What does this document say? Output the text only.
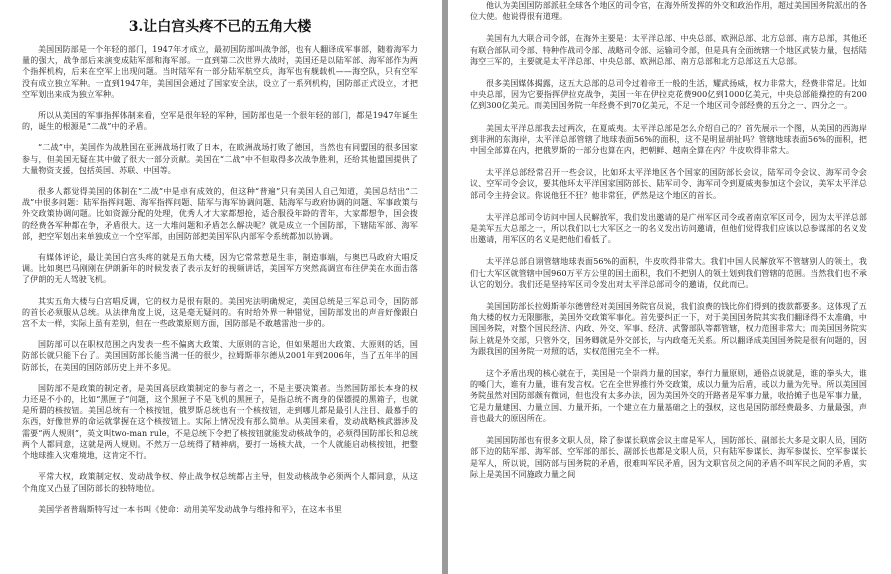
3.让白宫头疼不已的五角大楼

美国国防部是一个年轻的部门，1947年才成立，最初国防部叫战争部，也有人翻译成军事部，随着海军力量的强大，战争部后来演变成陆军部和海军部。一直到第二次世界大战时，美国还是以陆军部、海军部作为两个指挥机构，后来在空军上出现问题。当时陆军有一部分陆军航空兵，海军也有舰载机——海空队，只有空军没有成立独立军种。一直到1947年，美国国会通过了国家安全法，设立了一系列机构，国防部正式设立，才把空军划出来成为独立军种。

所以从美国的军事指挥体制来看，空军是很年轻的军种，国防部也是一个很年轻的部门，都是1947年诞生的，诞生的根源是“二战”中的矛盾。

“二战”中，美国作为战胜国在亚洲战场打败了日本，在欧洲战场打败了德国，当然也有同盟国的很多国家参与，但美国无疑在其中做了很大一部分贡献。美国在“二战”中不但取得多次战争胜利，还给其他盟国提供了大量物资支援，包括英国、苏联、中国等。

很多人都觉得美国的体制在“二战”中是卓有成效的，但这种“普遍”只有美国人自己知道，美国总结出“二战”中很多问题：陆军指挥问题、海军指挥问题、陆军与海军协调问题、陆海军与政府协调的问题、军事政策与外交政策协调问题。比如资源分配的处理，优秀人才大家都想抢，适合服役年龄的青年，大家都想争，国会拨的经费各军种都在争，矛盾很大。这一大堆问题和矛盾怎么解决呢？就是成立一个国防部，下辖陆军部、海军部，把空军划出来单独成立一个空军部，由国防部把美国军队内部军令系统都加以协调。

有媒体评论，最让美国白宫头疼的就是五角大楼，因为它常常惹是生非，制造事端，与奥巴马政府大唱反调。比如奥巴马刚刚在伊朗新年的时候发表了表示友好的视频讲话，美国军方突然高调宣布往伊美在水面击落了伊朗的无人驾驶飞机。

其实五角大楼与白宫唱反调，它的权力是很有限的。美国宪法明确规定，美国总统是三军总司令，国防部的首长必须服从总统。从法律角度上说，这是毫无疑问的。有时给外界一种错觉，国防部发出的声音好像跟白宫不太一样，实际上虽有差别，但在一些政策原则方面，国防部是不敢越雷池一步的。

国防部可以在职权范围之内发表一些不偏离大政策、大原则的言论，但如果超出大政策、大原则的话，国防部长就只能下台了。美国国防部长能当满一任的很少，拉姆斯菲尔德从2001年到2006年，当了五年半的国防部长，在美国的国防部历史上并不多见。

国防部不是政策的制定者，是美国高层政策制定的参与者之一，不是主要决策者。当然国防部长本身的权力还是不小的，比如“黑匣子”问题，这个黑匣子不是飞机的黑匣子，是指总统不离身的保镖提的黑箱子，也就是所谓的核按钮。美国总统有一个核按钮，俄罗斯总统也有一个核按钮，走到哪儿都是最引人注目、最慕手的东西，好像世界的命运就掌握在这个核按钮上。实际上情况没有那么简单。从美国来看，发动战略核武器涉及需要“两人规则”，英文叫two-man rule，不是总统下令把了核按钮就能发动核战争的，必须得国防部长和总统两个人都同意，这就是两人规则。不然万一总统得了精神病，要打一场核大战，一个人就能启动核按钮，把整个地球推入灾难境地，这肯定不行。

平常大权，政策制定权、发动战争权、停止战争权总统都占主导，但发动核战争必须两个人都同意，从这个角度又凸显了国防部长的独特地位。

美国学者普瑞斯特写过一本书叫《使命：动用美军发动战争与维持和平》，在这本书里

他认为美国国防部派驻全球各个地区的司令官，在海外所发挥的外交和政治作用，超过美国国务院派出的各位大使。他说得很有道理。

美国有九大联合司令部，在海外主要是：太平洋总部、中央总部、欧洲总部、北方总部、南方总部，其他还有联合部队司令部、特种作战司令部、战略司令部、运输司令部，但是具有全面统辖一个地区武装力量，包括陆海空三军的，主要就是太平洋总部、中央总部、欧洲总部、南方总部和北方总部这五大总部。

很多美国媒体揭露，这五大总部的总司令过着帝王一般的生活，耀武扬威，权力非常大，经费非常足。比如中央总部，因为它要指挥伊拉克战争，美国一年在伊拉克花费900亿到1000亿美元，中央总部能操控的有200亿到300亿美元。而美国国务院一年经费不到70亿美元，不足一个地区司令部经费的五分之一、四分之一。

美国太平洋总部我去过两次，在夏威夷。太平洋总部是怎么介绍自己的？首先展示一个图，从美国的西海岸到非洲的东海岸，太平洋总部管辖了地球表面56%的面积，这不是明显胡扯吗？管辖地球表面56%的面积，把中国全部算在内，把俄罗斯的一部分也算在内，把朝鲜、越南全算在内？牛皮吹得非常大。

太平洋总部经常召开一些会议，比如环太平洋地区各个国家的国防部长会议，陆军司令会议、海军司令会议、空军司令会议，要其他环太平洋国家国防部长、陆军司令、海军司令到夏威夷参加这个会议，美军太平洋总部司令主持会议。你说他狂不狂？他非常狂，俨然是这个地区的首长。

太平洋总部司令访问中国人民解放军，我们发出邀请的是广州军区司令或者南京军区司令，因为太平洋总部是美军五大总部之一，所以我们以七大军区之一的名义发出访问邀请，但他们觉得我们应该以总参谋部的名义发出邀请，用军区的名义是把他们看低了。

太平洋总部自诩管辖地球表面56%的面积，牛皮吹得非常大。我们中国人民解放军不管辖别人的领土，我们七大军区就管辖中国960万平方公里的国土面积，我们不把别人的领土划到我们管辖的范围。当然我们也不承认它的划分。我们还是坚持军区司令发出对太平洋总部司令的邀请，仅此而已。

美国国防部长拉姆斯菲尔德曾经对美国国务院官员说，我们浪费的钱比你们得到的拨款都要多。这体现了五角大楼的权力无限膨胀，美国外交政策军事化。首先要纠正一下，对于美国国务院其实我们翻译得不太准确，中国国务院，对整个国民经济、内政、外交、军事、经济、武警部队等都管辖，权力范围非常大；而美国国务院实际上就是外交部，只管外交，国务卿就是外交部长，与内政毫无关系。所以翻译成美国国务院是很有问题的，因为跟我国的国务院一对照的话，实权范围完全不一样。

这个矛盾出现的核心就在于，美国是一个崇尚力量的国家，奉行力量原则，通俗点说就是，谁的拳头大，谁的嗓门大，谁有力量，谁有发言权。它在全世界推行外交政策，成以力量为后盾，或以力量为先导。所以美国国务院虽然对国防部颇有微词，但也没有太多办法，因为美国外交的开路者是军事力量，收拾摊子也是军事力量，它是力量建国、力量立国、力量开拓，一个建立在力量基础之上的强权，这也是国防部经费最多、力量最强，声音也最大的原因所在。

美国国防部也有很多文职人员，除了参谋长联席会议主席是军人，国防部长、副部长大多是文职人员，国防部下边的陆军部、海军部、空军部的部长、副部长也都是文职人员，只有陆军参谋长、海军参谋长、空军参谋长是军人，所以说，国防部与国务院的矛盾，很难叫军民矛盾，因为文职官员之间的矛盾不叫军民之间的矛盾，实际上是美国不同施政力量之间
